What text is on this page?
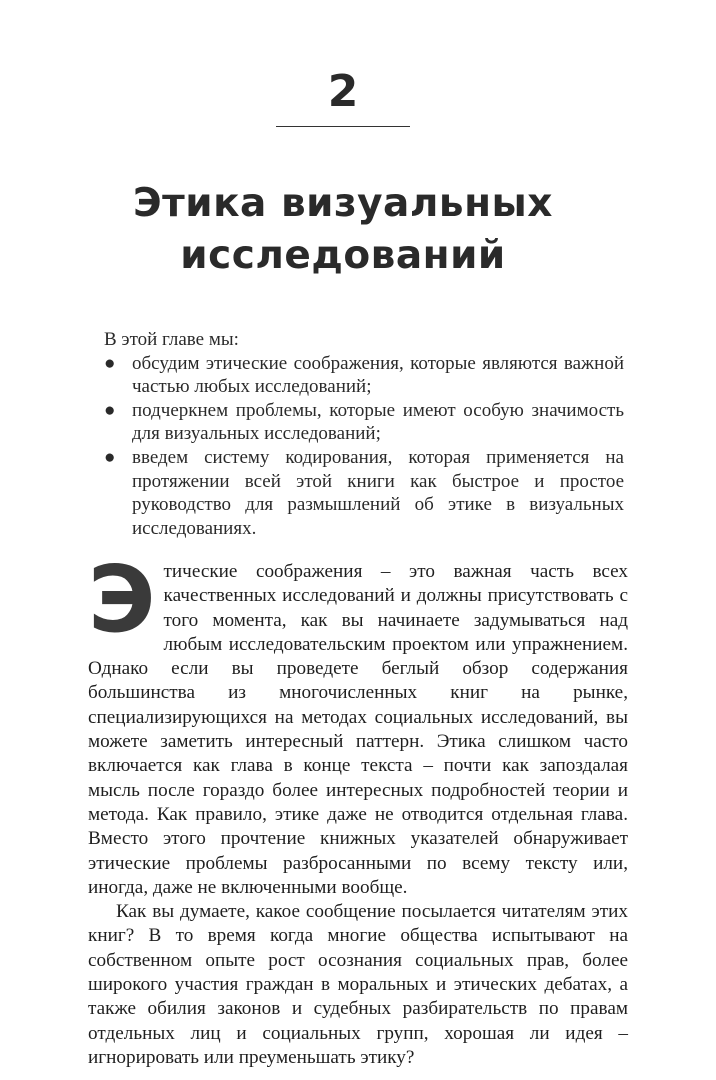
2
Этика визуальных
исследований

В этой главе мы:

● обсудим этические соображения, которые являются важной частью любых исследований;
● подчеркнем проблемы, которые имеют особую значимость для визуальных исследований;
● введем систему кодирования, которая применяется на протяжении всей этой книги как быстрое и простое руководство для размышлений об этике в визуальных исследованиях.

Этические соображения – это важная часть всех качественных исследований и должны присутствовать с того момента, как вы начинаете задумываться над любым исследовательским проектом или упражнением. Однако если вы проведете беглый обзор содержания большинства из многочисленных книг на рынке, специализирующихся на методах социальных исследований, вы можете заметить интересный паттерн. Этика слишком часто включается как глава в конце текста – почти как запоздалая мысль после гораздо более интересных подробностей теории и метода. Как правило, этике даже не отводится отдельная глава. Вместо этого прочтение книжных указателей обнаруживает этические проблемы разбросанными по всему тексту или, иногда, даже не включенными вообще.

Как вы думаете, какое сообщение посылается читателям этих книг? В то время когда многие общества испытывают на собственном опыте рост осознания социальных прав, более широкого участия граждан в моральных и этических дебатах, а также обилия законов и судебных разбирательств по правам отдельных лиц и социальных групп, хорошая ли идея – игнорировать или преуменьшать этику?
